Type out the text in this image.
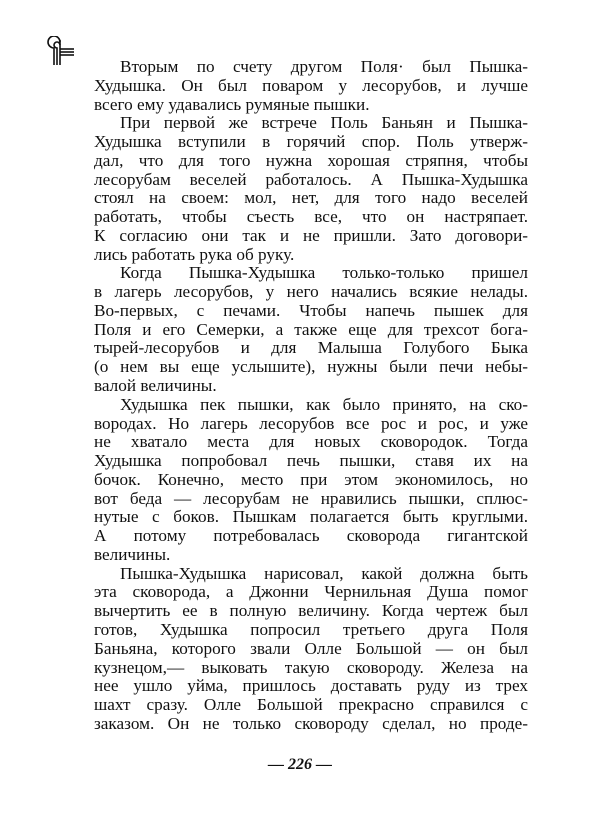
Вторым по счету другом Поля· был Пышка-
Худышка. Он был поваром у лесорубов, и лучше
всего ему удавались румяные пышки.
При первой же встрече Поль Баньян и Пышка-
Худышка вступили в горячий спор. Поль утверж-
дал, что для того нужна хорошая стряпня, чтобы
лесорубам веселей работалось. А Пышка-Худышка
стоял на своем: мол, нет, для того надо веселей
работать, чтобы съесть все, что он настряпает.
К согласию они так и не пришли. Зато договори-
лись работать рука об руку.
Когда Пышка-Худышка только-только пришел
в лагерь лесорубов, у него начались всякие нелады.
Во-первых, с печами. Чтобы напечь пышек для
Поля и его Семерки, а также еще для трехсот бога-
тырей-лесорубов и для Малыша Голубого Быка
(о нем вы еще услышите), нужны были печи небы-
валой величины.
Худышка пек пышки, как было принято, на ско-
вородах. Но лагерь лесорубов все рос и рос, и уже
не хватало места для новых сковородок. Тогда
Худышка попробовал печь пышки, ставя их на
бочок. Конечно, место при этом экономилось, но
вот беда — лесорубам не нравились пышки, сплюс-
нутые с боков. Пышкам полагается быть круглыми.
А потому потребовалась сковорода гигантской
величины.
Пышка-Худышка нарисовал, какой должна быть
эта сковорода, а Джонни Чернильная Душа помог
вычертить ее в полную величину. Когда чертеж был
готов, Худышка попросил третьего друга Поля
Баньяна, которого звали Олле Большой — он был
кузнецом,— выковать такую сковороду. Железа на
нее ушло уйма, пришлось доставать руду из трех
шахт сразу. Олле Большой прекрасно справился с
заказом. Он не только сковороду сделал, но проде-
— 226 —
